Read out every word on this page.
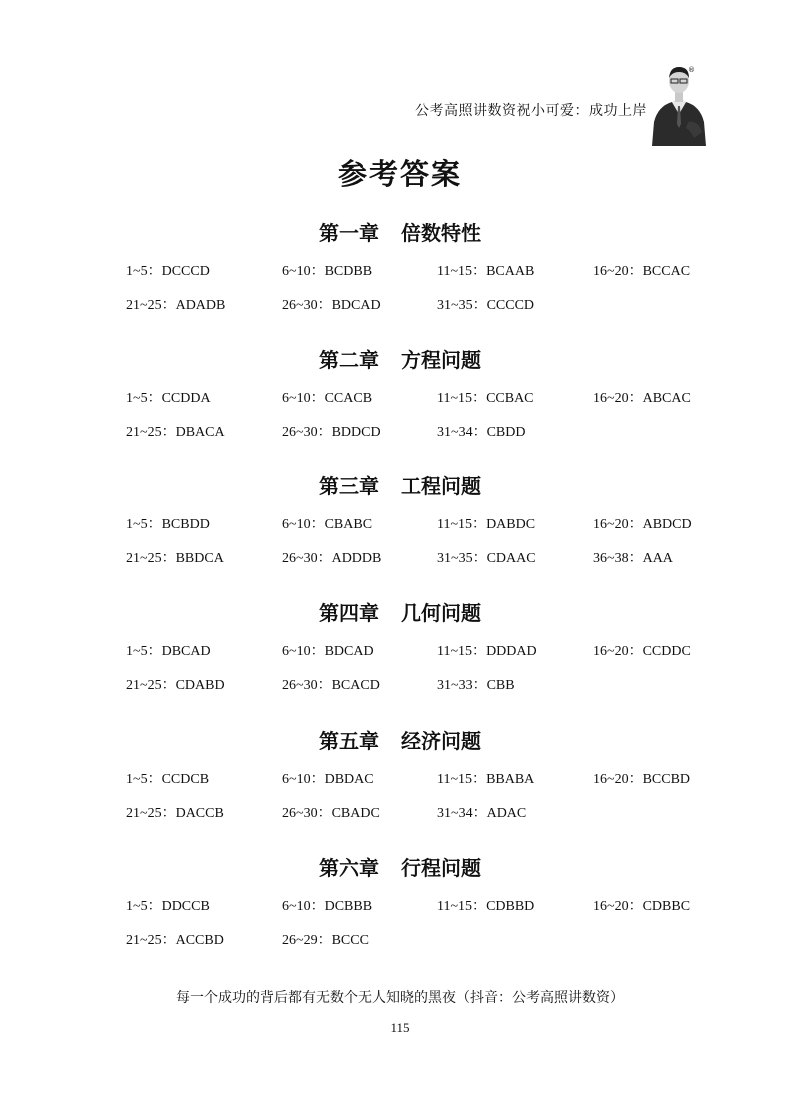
公考高照讲数资祝小可爱：成功上岸
®
参考答案
第一章 倍数特性
1~5：DCCCD	6~10：BCDBB	11~15：BCAAB	16~20：BCCAC
21~25：ADADB	26~30：BDCAD	31~35：CCCCD
第二章 方程问题
1~5：CCDDA	6~10：CCACB	11~15：CCBAC	16~20：ABCAC
21~25：DBACA	26~30：BDDCD	31~34：CBDD
第三章 工程问题
1~5：BCBDD	6~10：CBABC	11~15：DABDC	16~20：ABDCD
21~25：BBDCA	26~30：ADDDB	31~35：CDAAC	36~38：AAA
第四章 几何问题
1~5：DBCAD	6~10：BDCAD	11~15：DDDAD	16~20：CCDDC
21~25：CDABD	26~30：BCACD	31~33：CBB
第五章 经济问题
1~5：CCDCB	6~10：DBDAC	11~15：BBABA	16~20：BCCBD
21~25：DACCB	26~30：CBADC	31~34：ADAC
第六章 行程问题
1~5：DDCCB	6~10：DCBBB	11~15：CDBBD	16~20：CDBBC
21~25：ACCBD	26~29：BCCC
每一个成功的背后都有无数个无人知晓的黑夜（抖音：公考高照讲数资）
115
